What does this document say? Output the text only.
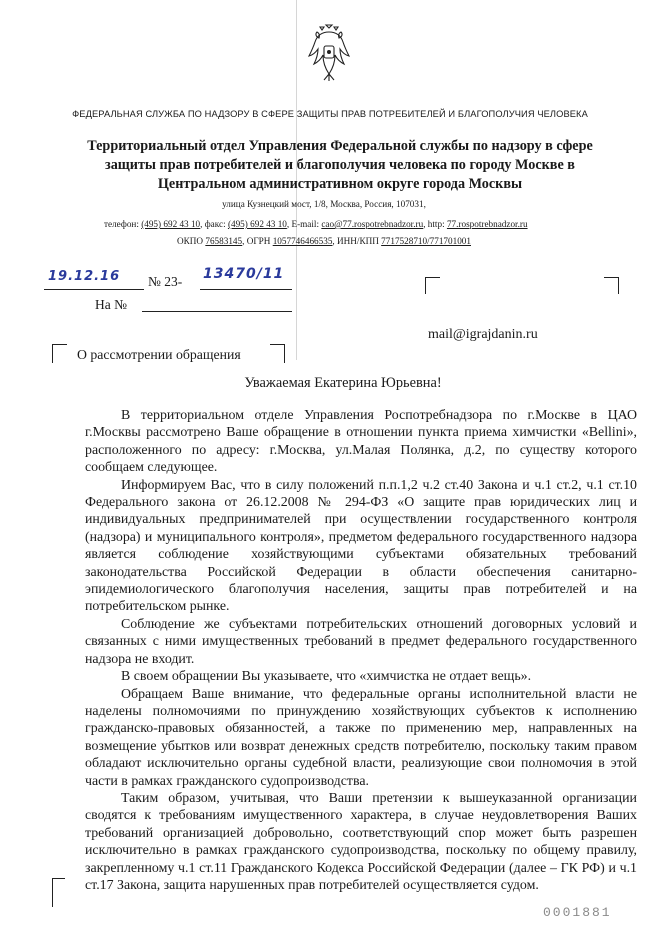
ФЕДЕРАЛЬНАЯ СЛУЖБА ПО НАДЗОРУ В СФЕРЕ ЗАЩИТЫ ПРАВ ПОТРЕБИТЕЛЕЙ И БЛАГОПОЛУЧИЯ ЧЕЛОВЕКА
Территориальный отдел Управления Федеральной службы по надзору в сфере защиты прав потребителей и благополучия человека по городу Москве в Центральном административном округе города Москвы
улица Кузнецкий мост, 1/8, Москва, Россия, 107031,
телефон: (495) 692 43 10, факс: (495) 692 43 10, E-mail: cao@77.rospotrebnadzor.ru, http: 77.rospotrebnadzor.ru
ОКПО 76583145, ОГРН 1057746466535, ИНН/КПП 7717528710/771701001
19.12.16	№ 23- 13470/11
На №
mail@igrajdanin.ru
О рассмотрении обращения
Уважаемая Екатерина Юрьевна!

В территориальном отделе Управления Роспотребнадзора по г.Москве в ЦАО г.Москвы рассмотрено Ваше обращение в отношении пункта приема химчистки «Bellini», расположенного по адресу: г.Москва, ул.Малая Полянка, д.2, по существу которого сообщаем следующее.

Информируем Вас, что в силу положений п.п.1,2 ч.2 ст.40 Закона и ч.1 ст.2, ч.1 ст.10 Федерального закона от 26.12.2008 № 294-ФЗ «О защите прав юридических лиц и индивидуальных предпринимателей при осуществлении государственного контроля (надзора) и муниципального контроля», предметом федерального государственного надзора является соблюдение хозяйствующими субъектами обязательных требований законодательства Российской Федерации в области обеспечения санитарно-эпидемиологического благополучия населения, защиты прав потребителей и на потребительском рынке.

Соблюдение же субъектами потребительских отношений договорных условий и связанных с ними имущественных требований в предмет федерального государственного надзора не входит.

В своем обращении Вы указываете, что «химчистка не отдает вещь».

Обращаем Ваше внимание, что федеральные органы исполнительной власти не наделены полномочиями по принуждению хозяйствующих субъектов к исполнению гражданско-правовых обязанностей, а также по применению мер, направленных на возмещение убытков или возврат денежных средств потребителю, поскольку таким правом обладают исключительно органы судебной власти, реализующие свои полномочия в этой части в рамках гражданского судопроизводства.

Таким образом, учитывая, что Ваши претензии к вышеуказанной организации сводятся к требованиям имущественного характера, в случае неудовлетворения Ваших требований организацией добровольно, соответствующий спор может быть разрешен исключительно в рамках гражданского судопроизводства, поскольку по общему правилу, закрепленному ч.1 ст.11 Гражданского Кодекса Российской Федерации (далее – ГК РФ) и ч.1 ст.17 Закона, защита нарушенных прав потребителей осуществляется судом.

0001881
